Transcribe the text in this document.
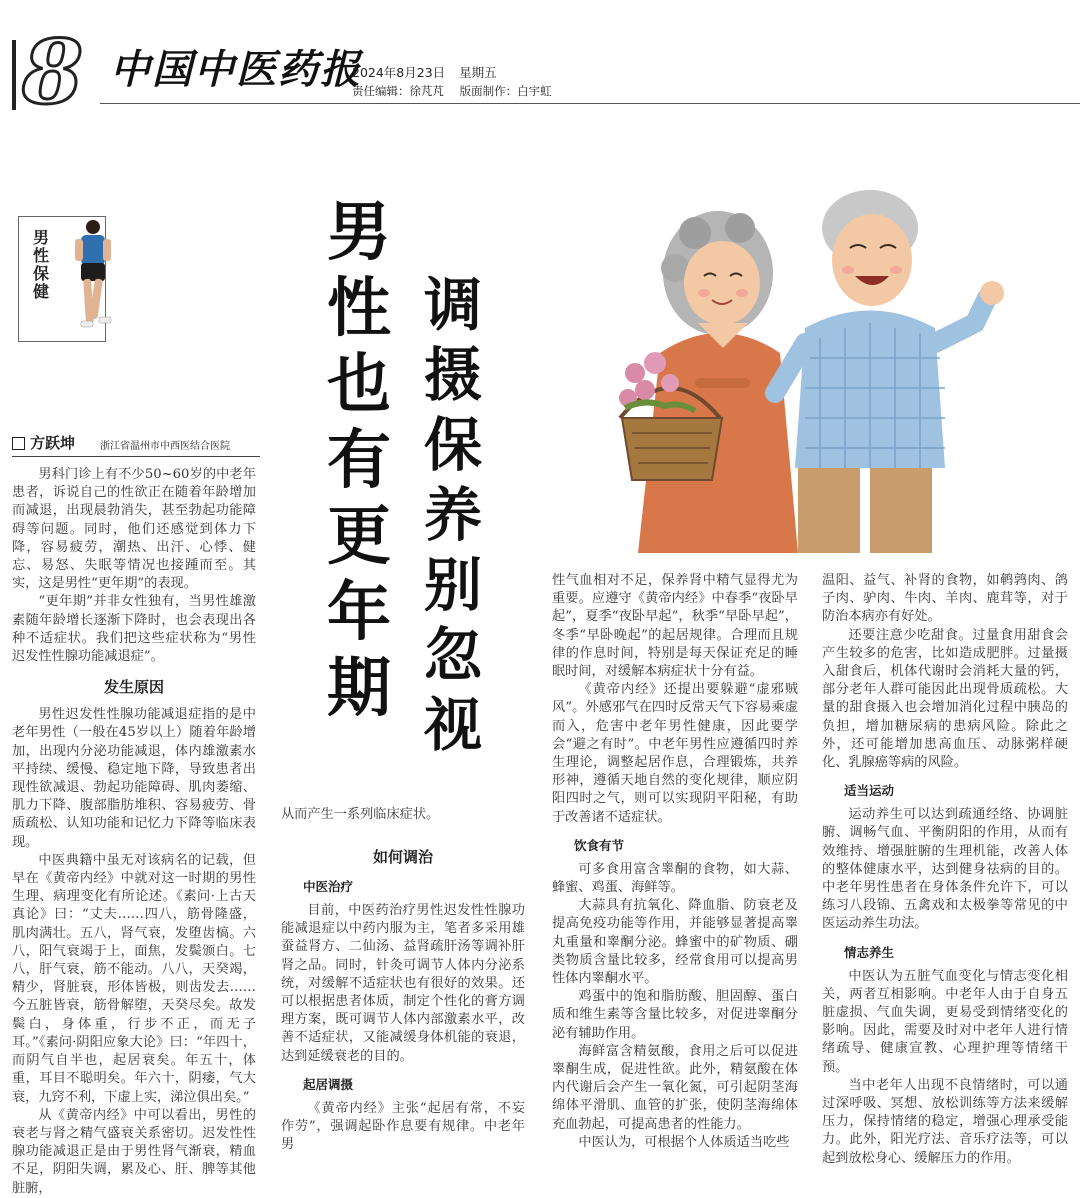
8 中国中医药报
2024年8月23日 星期五
责任编辑：徐芃芃 版面制作：白宇虹
男性保健
男性也有更年期
调摄保养别忽视
方跃坤 浙江省温州市中西医结合医院

男科门诊上有不少50~60岁的中老年患者，诉说自己的性欲正在随着年龄增加而减退，出现晨勃消失，甚至勃起功能障碍等问题。同时，他们还感觉到体力下降，容易疲劳，潮热、出汗、心悸、健忘、易怒、失眠等情况也接踵而至。其实，这是男性“更年期”的表现。

“更年期”并非女性独有，当男性雄激素随年龄增长逐渐下降时，也会表现出各种不适症状。我们把这些症状称为“男性迟发性性腺功能减退症”。

发生原因

男性迟发性性腺功能减退症指的是中老年男性（一般在45岁以上）随着年龄增加，出现内分泌功能减退，体内雄激素水平持续、缓慢、稳定地下降，导致患者出现性欲减退、勃起功能障碍、肌肉萎缩、肌力下降、腹部脂肪堆积、容易疲劳、骨质疏松、认知功能和记忆力下降等临床表现。

中医典籍中虽无对该病名的记载，但早在《黄帝内经》中就对这一时期的男性生理、病理变化有所论述。《素问·上古天真论》曰：“丈夫……四八，筋骨隆盛，肌肉满壮。五八，肾气衰，发堕齿槁。六八，阳气衰竭于上，面焦，发鬓颁白。七八，肝气衰，筋不能动。八八，天癸竭，精少，肾脏衰，形体皆极，则齿发去……今五脏皆衰，筋骨解堕，天癸尽矣。故发鬓白，身体重，行步不正，而无子耳。”《素问·阴阳应象大论》曰：“年四十，而阴气自半也，起居衰矣。年五十，体重，耳目不聪明矣。年六十，阴痿，气大衰，九窍不利，下虚上实，涕泣俱出矣。”

从《黄帝内经》中可以看出，男性的衰老与肾之精气盛衰关系密切。迟发性性腺功能减退正是由于男性肾气渐衰，精血不足，阴阳失调，累及心、肝、脾等其他脏腑，

从而产生一系列临床症状。
如何调治
中医治疗

目前，中医药治疗男性迟发性性腺功能减退症以中药内服为主，笔者多采用雄蚕益肾方、二仙汤、益肾疏肝汤等调补肝肾之品。同时，针灸可调节人体内分泌系统，对缓解不适症状也有很好的效果。还可以根据患者体质，制定个性化的膏方调理方案，既可调节人体内部激素水平，改善不适症状，又能减缓身体机能的衰退，达到延缓衰老的目的。

起居调摄

《黄帝内经》主张“起居有常，不妄作劳”，强调起卧作息要有规律。中老年男

性气血相对不足，保养肾中精气显得尤为重要。应遵守《黄帝内经》中春季“夜卧早起”，夏季“夜卧早起”，秋季“早卧早起”，冬季“早卧晚起”的起居规律。合理而且规律的作息时间，特别是每天保证充足的睡眠时间，对缓解本病症状十分有益。

《黄帝内经》还提出要躲避“虚邪贼风”。外感邪气在四时反常天气下容易乘虚而入，危害中老年男性健康，因此要学会“避之有时”。中老年男性应遵循四时养生理论，调整起居作息，合理锻炼，共养形神，遵循天地自然的变化规律，顺应阴阳四时之气，则可以实现阴平阳秘，有助于改善诸不适症状。

饮食有节

可多食用富含睾酮的食物，如大蒜、蜂蜜、鸡蛋、海鲜等。

大蒜具有抗氧化、降血脂、防衰老及提高免疫功能等作用，并能够显著提高睾丸重量和睾酮分泌。蜂蜜中的矿物质、硼类物质含量比较多，经常食用可以提高男性体内睾酮水平。

鸡蛋中的饱和脂肪酸、胆固醇、蛋白质和维生素等含量比较多，对促进睾酮分泌有辅助作用。

海鲜富含精氨酸，食用之后可以促进睾酮生成，促进性欲。此外，精氨酸在体内代谢后会产生一氧化氮，可引起阴茎海绵体平滑肌、血管的扩张，使阴茎海绵体充血勃起，可提高患者的性能力。

中医认为，可根据个人体质适当吃些

温阳、益气、补肾的食物，如鹌鹑肉、鸽子肉、驴肉、牛肉、羊肉、鹿茸等，对于防治本病亦有好处。

还要注意少吃甜食。过量食用甜食会产生较多的危害，比如造成肥胖。过量摄入甜食后，机体代谢时会消耗大量的钙，部分老年人群可能因此出现骨质疏松。大量的甜食摄入也会增加消化过程中胰岛的负担，增加糖尿病的患病风险。除此之外，还可能增加患高血压、动脉粥样硬化、乳腺癌等病的风险。

适当运动

运动养生可以达到疏通经络、协调脏腑、调畅气血、平衡阴阳的作用，从而有效维持、增强脏腑的生理机能，改善人体的整体健康水平，达到健身祛病的目的。中老年男性患者在身体条件允许下，可以练习八段锦、五禽戏和太极拳等常见的中医运动养生功法。

情志养生

中医认为五脏气血变化与情志变化相关，两者互相影响。中老年人由于自身五脏虚损、气血失调，更易受到情绪变化的影响。因此，需要及时对中老年人进行情绪疏导、健康宣教、心理护理等情绪干预。

当中老年人出现不良情绪时，可以通过深呼吸、冥想、放松训练等方法来缓解压力，保持情绪的稳定，增强心理承受能力。此外，阳光疗法、音乐疗法等，可以起到放松身心、缓解压力的作用。
